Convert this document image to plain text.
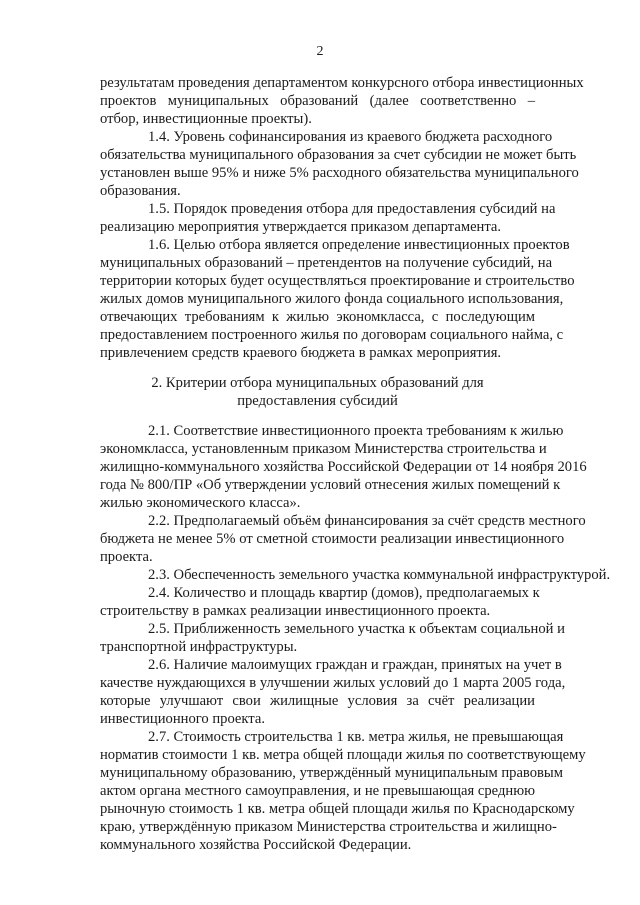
2
результатам проведения департаментом конкурсного отбора инвестиционных
проектов муниципальных образований (далее соответственно –
отбор, инвестиционные проекты).
1.4. Уровень софинансирования из краевого бюджета расходного
обязательства муниципального образования за счет субсидии не может быть
установлен выше 95% и ниже 5% расходного обязательства муниципального
образования.
1.5. Порядок проведения отбора для предоставления субсидий на
реализацию мероприятия утверждается приказом департамента.
1.6. Целью отбора является определение инвестиционных проектов
муниципальных образований – претендентов на получение субсидий, на
территории которых будет осуществляться проектирование и строительство
жилых домов муниципального жилого фонда социального использования,
отвечающих требованиям к жилью экономкласса, с последующим
предоставлением построенного жилья по договорам социального найма, с
привлечением средств краевого бюджета в рамках мероприятия.
2. Критерии отбора муниципальных образований для
предоставления субсидий
2.1. Соответствие инвестиционного проекта требованиям к жилью
экономкласса, установленным приказом Министерства строительства и
жилищно-коммунального хозяйства Российской Федерации от 14 ноября 2016
года № 800/ПР «Об утверждении условий отнесения жилых помещений к
жилью экономического класса».
2.2. Предполагаемый объём финансирования за счёт средств местного
бюджета не менее 5% от сметной стоимости реализации инвестиционного
проекта.
2.3. Обеспеченность земельного участка коммунальной инфраструктурой.
2.4. Количество и площадь квартир (домов), предполагаемых к
строительству в рамках реализации инвестиционного проекта.
2.5. Приближенность земельного участка к объектам социальной и
транспортной инфраструктуры.
2.6. Наличие малоимущих граждан и граждан, принятых на учет в
качестве нуждающихся в улучшении жилых условий до 1 марта 2005 года,
которые улучшают свои жилищные условия за счёт реализации
инвестиционного проекта.
2.7. Стоимость строительства 1 кв. метра жилья, не превышающая
норматив стоимости 1 кв. метра общей площади жилья по соответствующему
муниципальному образованию, утверждённый муниципальным правовым
актом органа местного самоуправления, и не превышающая среднюю
рыночную стоимость 1 кв. метра общей площади жилья по Краснодарскому
краю, утверждённую приказом Министерства строительства и жилищно-
коммунального хозяйства Российской Федерации.
